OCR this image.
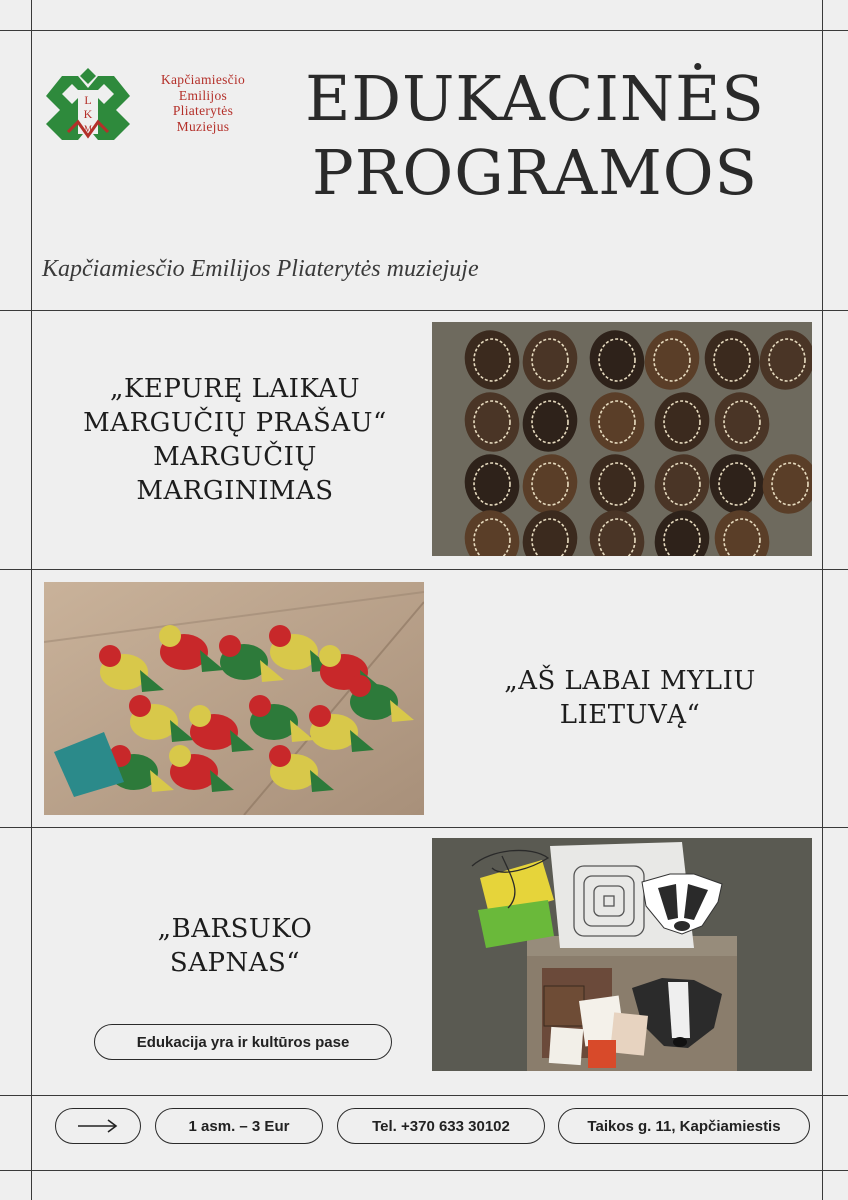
L
K
M
Kapčiamiesčio
Emilijos
Pliaterytės
Muziejus	EDUKACINĖS
PROGRAMOS
Kapčiamiesčio Emilijos Pliaterytės muziejuje
„KEPURĘ LAIKAU
MARGUČIŲ PRAŠAU“
MARGUČIŲ
MARGINIMAS
„AŠ LABAI MYLIU
LIETUVĄ“
„BARSUKO
SAPNAS“
Edukacija yra ir kultūros pase
1 asm. – 3 Eur	Tel. +370 633 30102	Taikos g. 11, Kapčiamiestis
